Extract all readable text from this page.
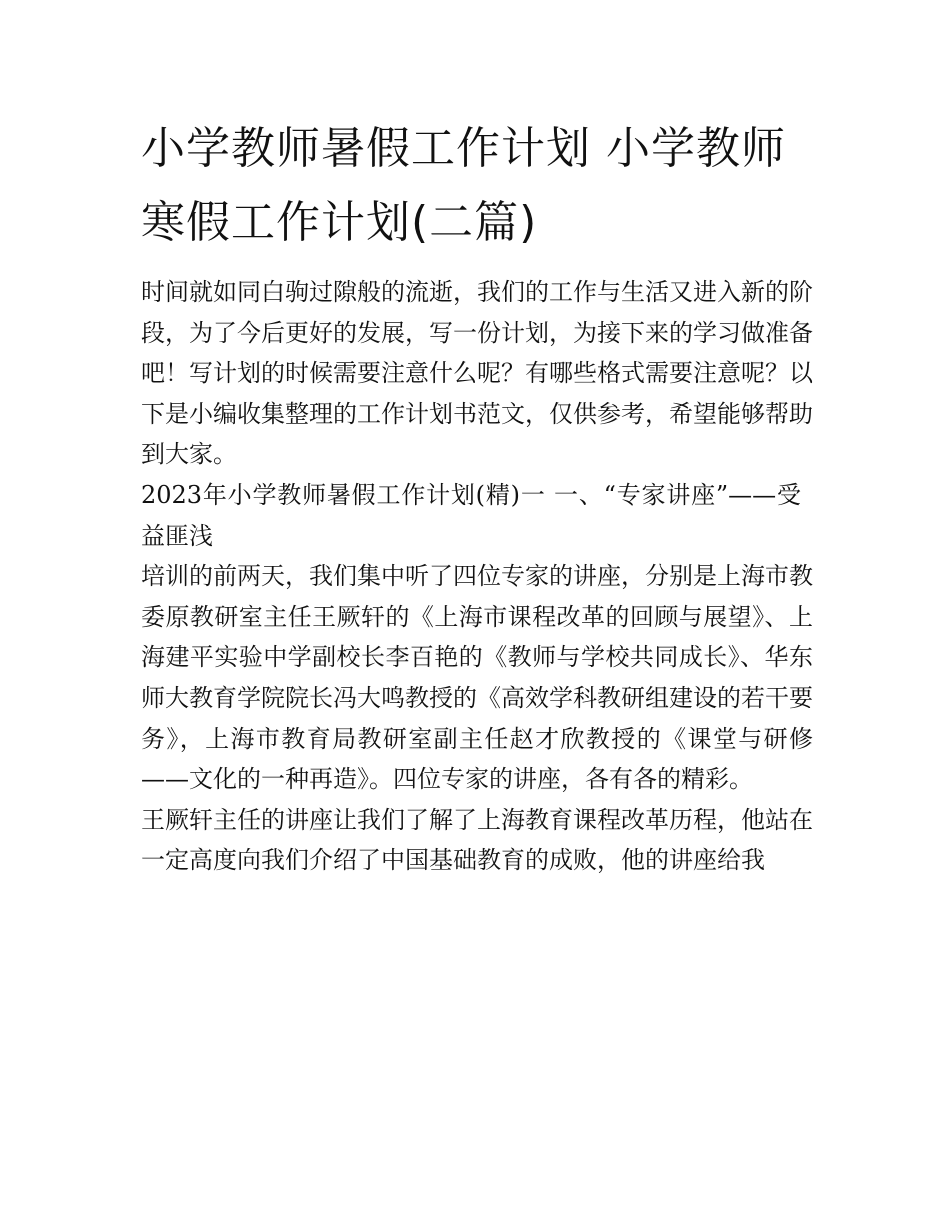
小学教师暑假工作计划 小学教师寒假工作计划(二篇)

时间就如同白驹过隙般的流逝，我们的工作与生活又进入新的阶段，为了今后更好的发展，写一份计划，为接下来的学习做准备吧！写计划的时候需要注意什么呢？有哪些格式需要注意呢？以下是小编收集整理的工作计划书范文，仅供参考，希望能够帮助到大家。

2023年小学教师暑假工作计划(精)一 一、“专家讲座”——受益匪浅

培训的前两天，我们集中听了四位专家的讲座，分别是上海市教委原教研室主任王厥轩的《上海市课程改革的回顾与展望》、上海建平实验中学副校长李百艳的《教师与学校共同成长》、华东师大教育学院院长冯大鸣教授的《高效学科教研组建设的若干要务》，上海市教育局教研室副主任赵才欣教授的《课堂与研修——文化的一种再造》。四位专家的讲座，各有各的精彩。

王厥轩主任的讲座让我们了解了上海教育课程改革历程，他站在一定高度向我们介绍了中国基础教育的成败，他的讲座给我
